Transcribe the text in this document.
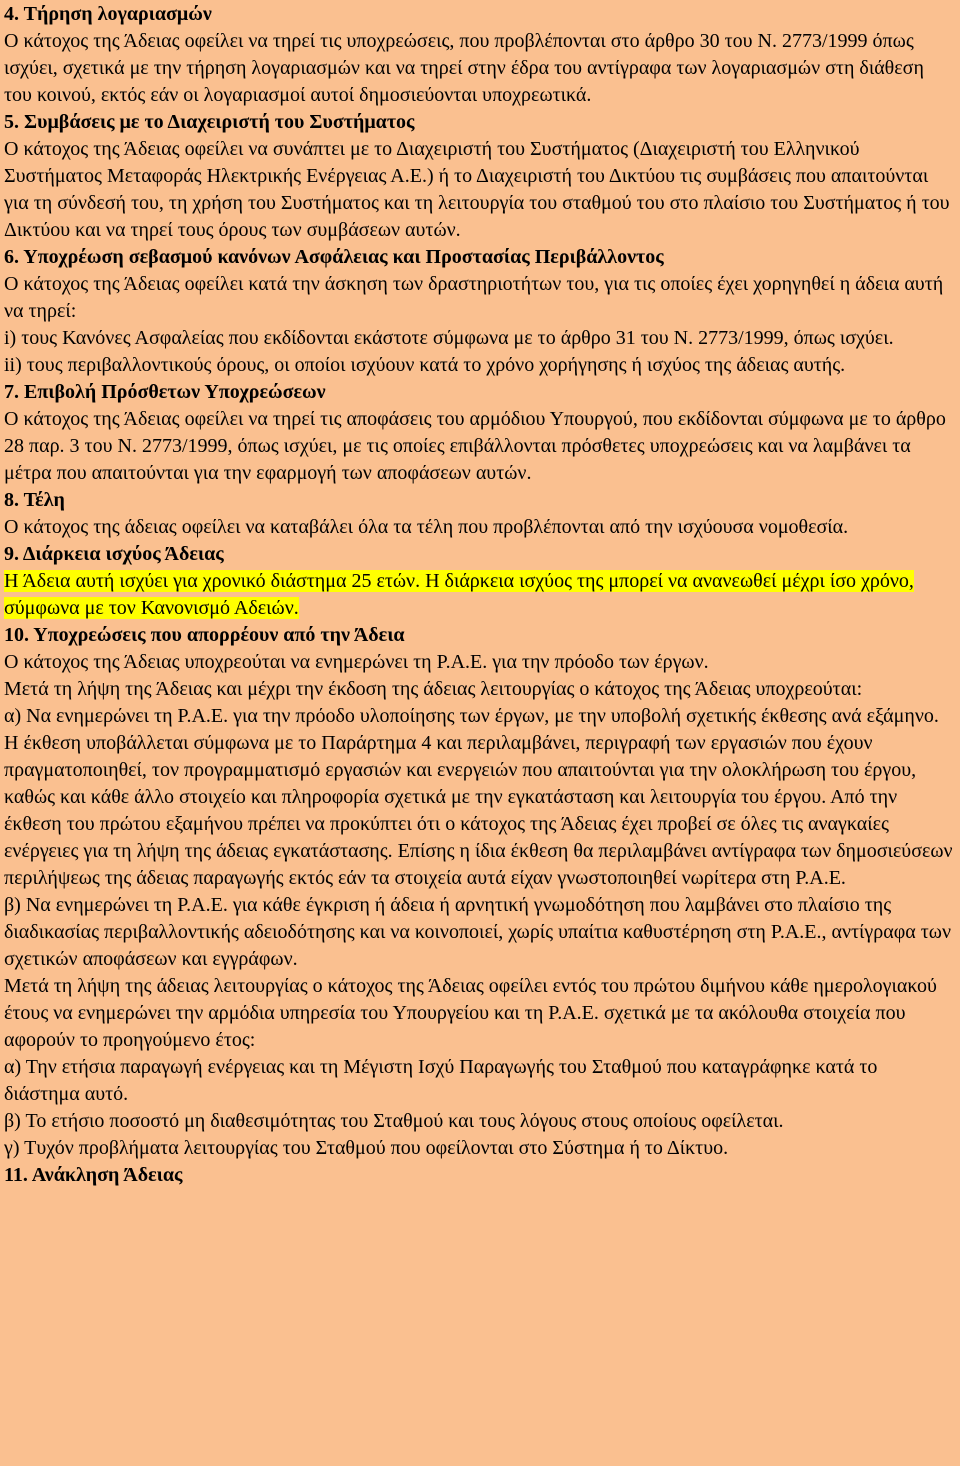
4. Τήρηση λογαριασμών

Ο κάτοχος της Άδειας οφείλει να τηρεί τις υποχρεώσεις, που προβλέπονται στο άρθρο 30 του Ν. 2773/1999 όπως ισχύει, σχετικά με την τήρηση λογαριασμών και να τηρεί στην έδρα του αντίγραφα των λογαριασμών στη διάθεση του κοινού, εκτός εάν οι λογαριασμοί αυτοί δημοσιεύονται υποχρεωτικά.

5. Συμβάσεις με το Διαχειριστή του Συστήματος

Ο κάτοχος της Άδειας οφείλει να συνάπτει με το Διαχειριστή του Συστήματος (Διαχειριστή του Ελληνικού Συστήματος Μεταφοράς Ηλεκτρικής Ενέργειας Α.Ε.) ή το Διαχειριστή του Δικτύου τις συμβάσεις που απαιτούνται για τη σύνδεσή του, τη χρήση του Συστήματος και τη λειτουργία του σταθμού του στο πλαίσιο του Συστήματος ή του Δικτύου και να τηρεί τους όρους των συμβάσεων αυτών.

6. Υποχρέωση σεβασμού κανόνων Ασφάλειας και Προστασίας Περιβάλλοντος

Ο κάτοχος της Άδειας οφείλει κατά την άσκηση των δραστηριοτήτων του, για τις οποίες έχει χορηγηθεί η άδεια αυτή να τηρεί:

i) τους Κανόνες Ασφαλείας που εκδίδονται εκάστοτε σύμφωνα με το άρθρο 31 του Ν. 2773/1999, όπως ισχύει.

ii) τους περιβαλλοντικούς όρους, οι οποίοι ισχύουν κατά το χρόνο χορήγησης ή ισχύος της άδειας αυτής.

7. Επιβολή Πρόσθετων Υποχρεώσεων

Ο κάτοχος της Άδειας οφείλει να τηρεί τις αποφάσεις του αρμόδιου Υπουργού, που εκδίδονται σύμφωνα με το άρθρο 28 παρ. 3 του Ν. 2773/1999, όπως ισχύει, με τις οποίες επιβάλλονται πρόσθετες υποχρεώσεις και να λαμβάνει τα μέτρα που απαιτούνται για την εφαρμογή των αποφάσεων αυτών.

8. Τέλη

Ο κάτοχος της άδειας οφείλει να καταβάλει όλα τα τέλη που προβλέπονται από την ισχύουσα νομοθεσία.

9. Διάρκεια ισχύος Άδειας

Η Άδεια αυτή ισχύει για χρονικό διάστημα 25 ετών. Η διάρκεια ισχύος της μπορεί να ανανεωθεί μέχρι ίσο χρόνο, σύμφωνα με τον Κανονισμό Αδειών.

10. Υποχρεώσεις που απορρέουν από την Άδεια

Ο κάτοχος της Άδειας υποχρεούται να ενημερώνει τη Ρ.Α.Ε. για την πρόοδο των έργων.

Μετά τη λήψη της Άδειας και μέχρι την έκδοση της άδειας λειτουργίας ο κάτοχος της Άδειας υποχρεούται:

α) Να ενημερώνει τη Ρ.Α.Ε. για την πρόοδο υλοποίησης των έργων, με την υποβολή σχετικής έκθεσης ανά εξάμηνο. Η έκθεση υποβάλλεται σύμφωνα με το Παράρτημα 4 και περιλαμβάνει, περιγραφή των εργασιών που έχουν πραγματοποιηθεί, τον προγραμματισμό εργασιών και ενεργειών που απαιτούνται για την ολοκλήρωση του έργου, καθώς και κάθε άλλο στοιχείο και πληροφορία σχετικά με την εγκατάσταση και λειτουργία του έργου. Από την έκθεση του πρώτου εξαμήνου πρέπει να προκύπτει ότι ο κάτοχος της Άδειας έχει προβεί σε όλες τις αναγκαίες ενέργειες για τη λήψη της άδειας εγκατάστασης. Επίσης η ίδια έκθεση θα περιλαμβάνει αντίγραφα των δημοσιεύσεων περιλήψεως της άδειας παραγωγής εκτός εάν τα στοιχεία αυτά είχαν γνωστοποιηθεί νωρίτερα στη Ρ.Α.Ε.

β) Να ενημερώνει τη Ρ.Α.Ε. για κάθε έγκριση ή άδεια ή αρνητική γνωμοδότηση που λαμβάνει στο πλαίσιο της διαδικασίας περιβαλλοντικής αδειοδότησης και να κοινοποιεί, χωρίς υπαίτια καθυστέρηση στη Ρ.Α.Ε., αντίγραφα των σχετικών αποφάσεων και εγγράφων.

Μετά τη λήψη της άδειας λειτουργίας ο κάτοχος της Άδειας οφείλει εντός του πρώτου διμήνου κάθε ημερολογιακού έτους να ενημερώνει την αρμόδια υπηρεσία του Υπουργείου και τη Ρ.Α.Ε. σχετικά με τα ακόλουθα στοιχεία που αφορούν το προηγούμενο έτος:

α) Την ετήσια παραγωγή ενέργειας και τη Μέγιστη Ισχύ Παραγωγής του Σταθμού που καταγράφηκε κατά το διάστημα αυτό.

β) Το ετήσιο ποσοστό μη διαθεσιμότητας του Σταθμού και τους λόγους στους οποίους οφείλεται.

γ) Τυχόν προβλήματα λειτουργίας του Σταθμού που οφείλονται στο Σύστημα ή το Δίκτυο.

11. Ανάκληση Άδειας
